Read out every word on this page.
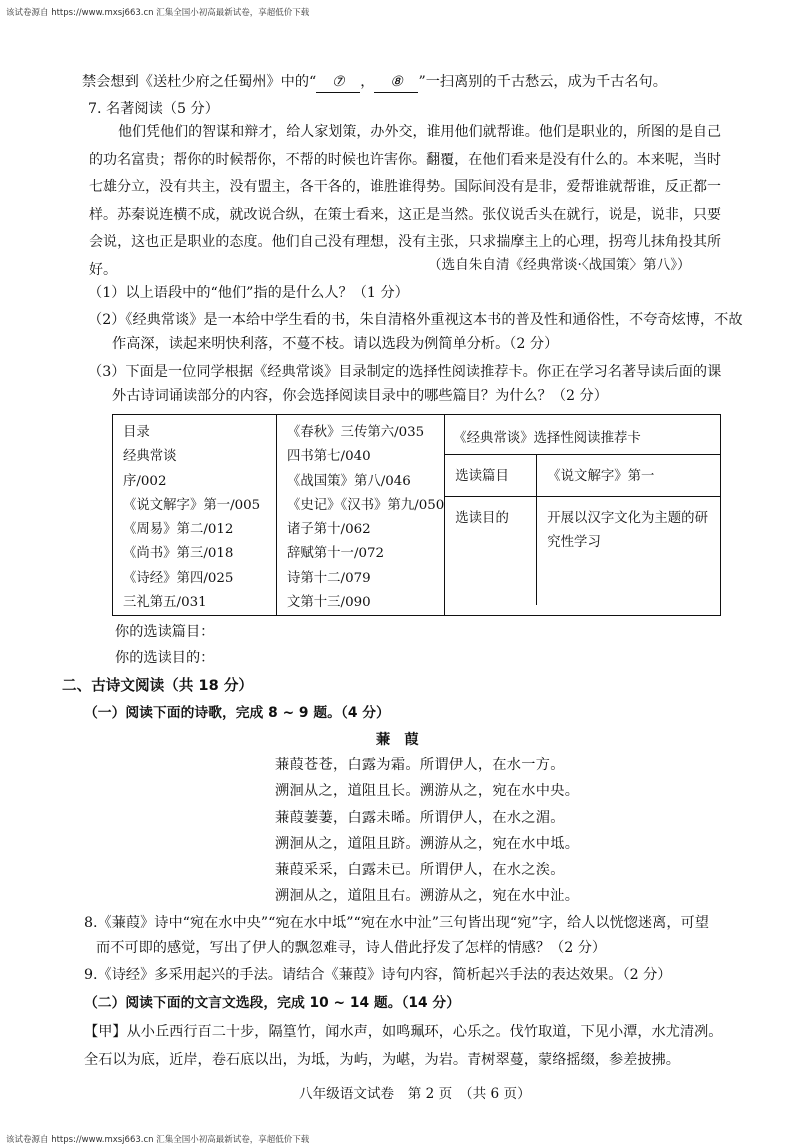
该试卷源自 https://www.mxsj663.cn 汇集全国小初高最新试卷，享超低价下载
禁会想到《送杜少府之任蜀州》中的“ ⑦ ， ⑧ ”一扫离别的千古愁云，成为千古名句。
7. 名著阅读（5 分）
他们凭他们的智谋和辩才，给人家划策，办外交，谁用他们就帮谁。他们是职业的，所图的是自己的功名富贵；帮你的时候帮你，不帮的时候也许害你。翻覆，在他们看来是没有什么的。本来呢，当时七雄分立，没有共主，没有盟主，各干各的，谁胜谁得势。国际间没有是非，爱帮谁就帮谁，反正都一样。苏秦说连横不成，就改说合纵，在策士看来，这正是当然。张仪说舌头在就行，说是，说非，只要会说，这也正是职业的态度。他们自己没有理想，没有主张，只求揣摩主上的心理，拐弯儿抹角投其所好。	（选自朱自清《经典常谈·〈战国策〉第八》）
（1）以上语段中的“他们”指的是什么人？（1 分）
（2）《经典常谈》是一本给中学生看的书，朱自清格外重视这本书的普及性和通俗性，不夸奇炫博，不故
作高深，读起来明快利落，不蔓不枝。请以选段为例简单分析。（2 分）
（3）下面是一位同学根据《经典常谈》目录制定的选择性阅读推荐卡。你正在学习名著导读后面的课
外古诗词诵读部分的内容，你会选择阅读目录中的哪些篇目？为什么？（2 分）
目录
经典常谈
序/002
《说文解字》第一/005
《周易》第二/012
《尚书》第三/018
《诗经》第四/025
三礼第五/031

《春秋》三传第六/035
四书第七/040
《战国策》第八/046
《史记》《汉书》第九/050
诸子第十/062
辞赋第十一/072
诗第十二/079
文第十三/090

《经典常谈》选择性阅读推荐卡
选读篇目	《说文解字》第一
选读目的	开展以汉字文化为主题的研究性学习
你的选读篇目：
你的选读目的：
二、古诗文阅读（共 18 分）
（一）阅读下面的诗歌，完成 8 ~ 9 题。（4 分）
蒹　葭
蒹葭苍苍，白露为霜。所谓伊人，在水一方。
溯洄从之，道阻且长。溯游从之，宛在水中央。
蒹葭萋萋，白露未晞。所谓伊人，在水之湄。
溯洄从之，道阻且跻。溯游从之，宛在水中坻。
蒹葭采采，白露未已。所谓伊人，在水之涘。
溯洄从之，道阻且右。溯游从之，宛在水中沚。
8.《蒹葭》诗中“宛在水中央”“宛在水中坻”“宛在水中沚”三句皆出现“宛”字，给人以恍惚迷离，可望
而不可即的感觉，写出了伊人的飘忽难寻，诗人借此抒发了怎样的情感？（2 分）
9.《诗经》多采用起兴的手法。请结合《蒹葭》诗句内容，简析起兴手法的表达效果。（2 分）
（二）阅读下面的文言文选段，完成 10 ~ 14 题。（14 分）
【甲】从小丘西行百二十步，隔篁竹，闻水声，如鸣珮环，心乐之。伐竹取道，下见小潭，水尤清冽。
全石以为底，近岸，卷石底以出，为坻，为屿，为嵁，为岩。青树翠蔓，蒙络摇缀，参差披拂。
八年级语文试卷　第 2 页　（共 6 页）
该试卷源自 https://www.mxsj663.cn 汇集全国小初高最新试卷，享超低价下载
